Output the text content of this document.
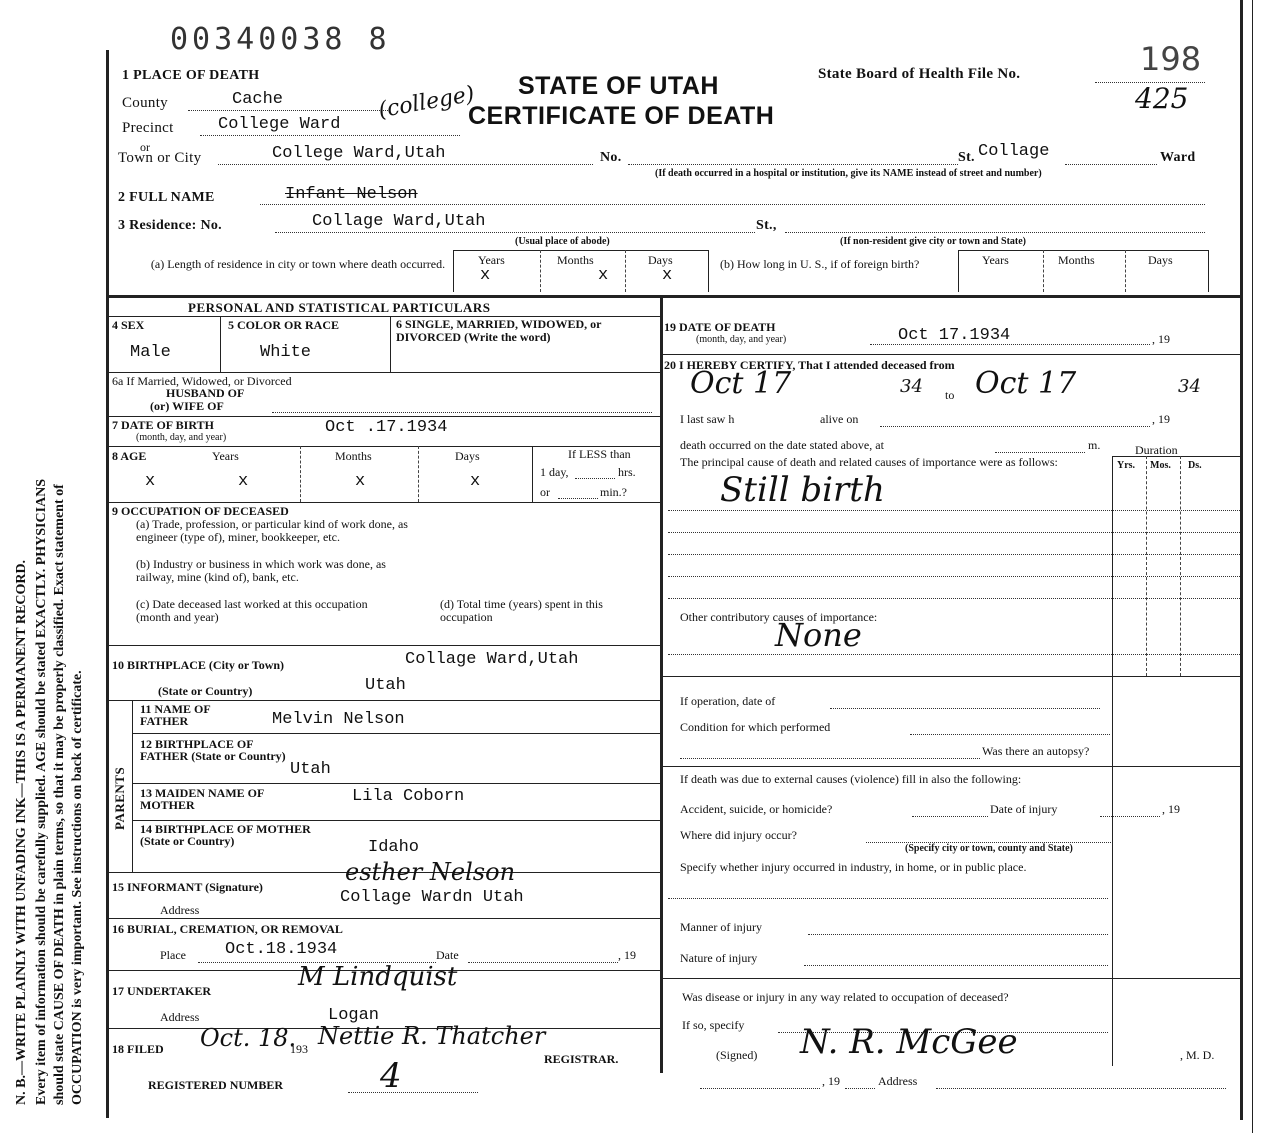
N. B.—WRITE PLAINLY WITH UNFADING INK—THIS IS A PERMANENT RECORD. Every item of information should be carefully supplied. AGE should be stated EXACTLY. PHYSICIANS should state CAUSE OF DEATH in plain terms, so that it may be properly classified. Exact statement of OCCUPATION is very important. See instructions on back of certificate.
00340038 8
STATE OF UTAH
CERTIFICATE OF DEATH
State Board of Health File No.	198
425
1 PLACE OF DEATH
County	Cache
Precinct	College Ward
(college)
or
Town or City	College Ward,Utah	No.	St. Collage	Ward
(If death occurred in a hospital or institution, give its NAME instead of street and number)
2 FULL NAME	Infant Nelson
3 Residence: No.	Collage Ward,Utah	St.,
(Usual place of abode)	(If non-resident give city or town and State)
(a) Length of residence in city or town where death occurred.	Years	Months	Days
x	x	x
(b) How long in U. S., if of foreign birth?	Years	Months	Days
PERSONAL AND STATISTICAL PARTICULARS
4 SEX
Male
5 COLOR OR RACE
White
6 SINGLE, MARRIED, WIDOWED, or DIVORCED (Write the word)
6a If Married, Widowed, or Divorced
HUSBAND OF
(or) WIFE OF
7 DATE OF BIRTH
(month, day, and year)
Oct .17.1934
8 AGE	Years	Months	Days
x	x	x	x
If LESS than
1 day,	hrs.
or	min.?
9 OCCUPATION OF DECEASED
(a) Trade, profession, or particular kind of work done, as engineer (type of), miner, bookkeeper, etc.
(b) Industry or business in which work was done, as railway, mine (kind of), bank, etc.
(c) Date deceased last worked at this occupation (month and year)
(d) Total time (years) spent in this occupation
10 BIRTHPLACE (City or Town)	Collage Ward,Utah
(State or Country)	Utah
PARENTS
11 NAME OF FATHER	Melvin Nelson
12 BIRTHPLACE OF FATHER (State or Country)
Utah
13 MAIDEN NAME OF MOTHER	Lila Coborn
14 BIRTHPLACE OF MOTHER (State or Country)	Idaho
15 INFORMANT (Signature)
esther Nelson
Address
Collage Wardn Utah
16 BURIAL, CREMATION, OR REMOVAL
Place Oct.18.1934	Date	, 19
17 UNDERTAKER	M Lindquist
Address	Logan
18 FILED Oct. 18.
193 Nettie R. Thatcher
REGISTRAR.
REGISTERED NUMBER	4
19 DATE OF DEATH
(month, day, and year)	Oct 17.1934	, 19
20 I HEREBY CERTIFY, That I attended deceased from
Oct 17	34 to Oct 17	34
I last saw h	alive on	, 19
death occurred on the date stated above, at	m.	Duration
Yrs. Mos. Ds.
The principal cause of death and related causes of importance were as follows:
Still birth
Other contributory causes of importance:
None
If operation, date of
Condition for which performed
Was there an autopsy?
If death was due to external causes (violence) fill in also the following:
Accident, suicide, or homicide?	Date of injury	, 19
Where did injury occur?
(Specify city or town, county and State)
Specify whether injury occurred in industry, in home, or in public place.
Manner of injury
Nature of injury
Was disease or injury in any way related to occupation of deceased?
If so, specify
(Signed) N. R. McGee	, M. D.
, 19	Address
